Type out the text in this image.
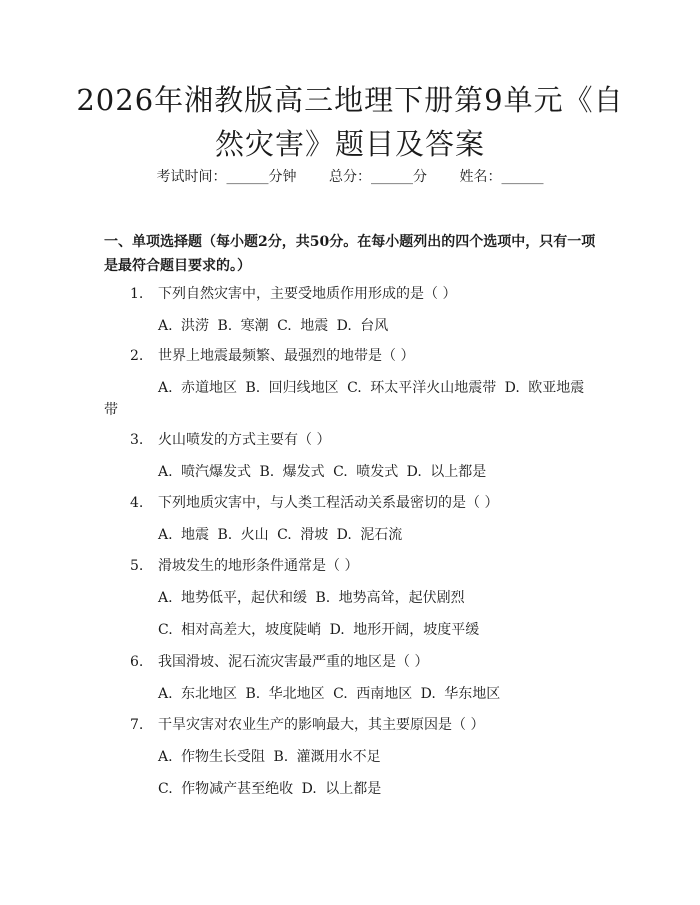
2026年湘教版高三地理下册第9单元《自然灾害》题目及答案
考试时间：______分钟 总分：______分 姓名：______

一、单项选择题（每小题2分，共50分。在每小题列出的四个选项中，只有一项是最符合题目要求的。）

1. 下列自然灾害中，主要受地质作用形成的是（ ）
A. 洪涝 B. 寒潮 C. 地震 D. 台风
2. 世界上地震最频繁、最强烈的地带是（ ）
A. 赤道地区 B. 回归线地区 C. 环太平洋火山地震带 D. 欧亚地震带
3. 火山喷发的方式主要有（ ）
A. 喷汽爆发式 B. 爆发式 C. 喷发式 D. 以上都是
4. 下列地质灾害中，与人类工程活动关系最密切的是（ ）
A. 地震 B. 火山 C. 滑坡 D. 泥石流
5. 滑坡发生的地形条件通常是（ ）
A. 地势低平，起伏和缓 B. 地势高耸，起伏剧烈
C. 相对高差大，坡度陡峭 D. 地形开阔，坡度平缓
6. 我国滑坡、泥石流灾害最严重的地区是（ ）
A. 东北地区 B. 华北地区 C. 西南地区 D. 华东地区
7. 干旱灾害对农业生产的影响最大，其主要原因是（ ）
A. 作物生长受阻 B. 灌溉用水不足
C. 作物减产甚至绝收 D. 以上都是
